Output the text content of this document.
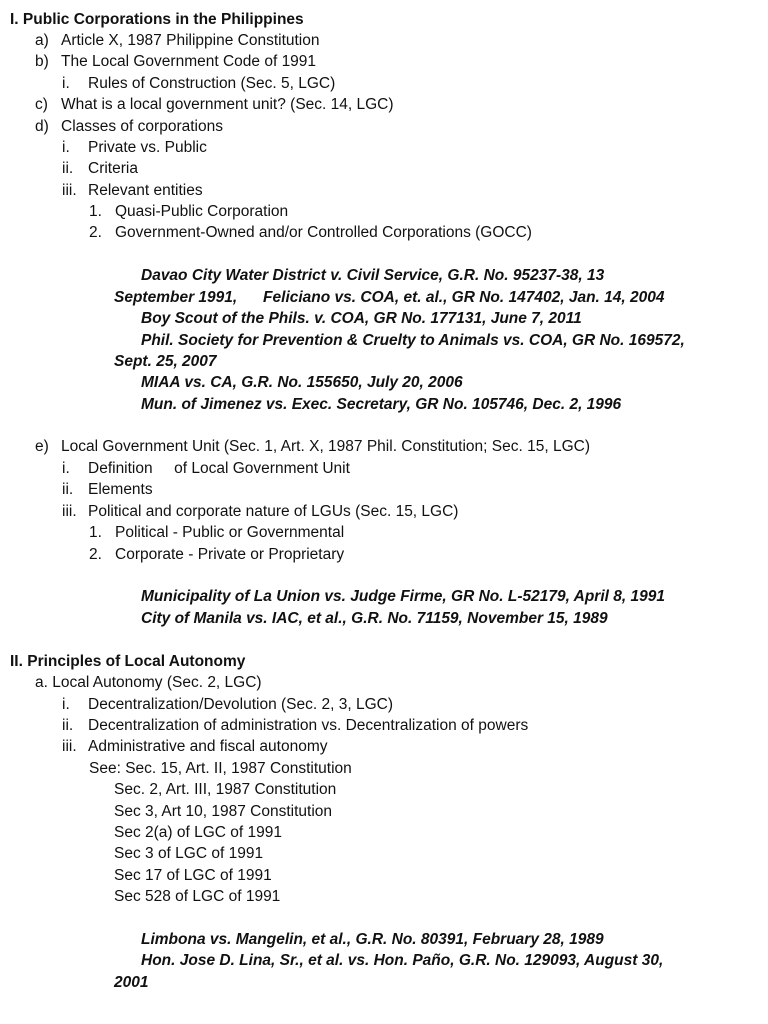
I. Public Corporations in the Philippines
a) Article X, 1987 Philippine Constitution
b) The Local Government Code of 1991
i. Rules of Construction (Sec. 5, LGC)
c) What is a local government unit? (Sec. 14, LGC)
d) Classes of corporations
i. Private vs. Public
ii. Criteria
iii. Relevant entities
1. Quasi-Public Corporation
2. Government-Owned and/or Controlled Corporations (GOCC)
Davao City Water District v. Civil Service, G.R. No. 95237-38, 13
September 1991,      Feliciano vs. COA, et. al., GR No. 147402, Jan. 14, 2004
Boy Scout of the Phils. v. COA, GR No. 177131, June 7, 2011
Phil. Society for Prevention & Cruelty to Animals vs. COA, GR No. 169572,
Sept. 25, 2007
MIAA vs. CA, G.R. No. 155650, July 20, 2006
Mun. of Jimenez vs. Exec. Secretary, GR No. 105746, Dec. 2, 1996
e) Local Government Unit (Sec. 1, Art. X, 1987 Phil. Constitution; Sec. 15, LGC)
i. Definition     of Local Government Unit
ii. Elements
iii. Political and corporate nature of LGUs (Sec. 15, LGC)
1. Political - Public or Governmental
2. Corporate - Private or Proprietary
Municipality of La Union vs. Judge Firme, GR No. L-52179, April 8, 1991
City of Manila vs. IAC, et al., G.R. No. 71159, November 15, 1989
II. Principles of Local Autonomy
a. Local Autonomy (Sec. 2, LGC)
i. Decentralization/Devolution (Sec. 2, 3, LGC)
ii. Decentralization of administration vs. Decentralization of powers
iii. Administrative and fiscal autonomy
See: Sec. 15, Art. II, 1987 Constitution
Sec. 2, Art. III, 1987 Constitution
Sec 3, Art 10, 1987 Constitution
Sec 2(a) of LGC of 1991
Sec 3 of LGC of 1991
Sec 17 of LGC of 1991
Sec 528 of LGC of 1991
Limbona vs. Mangelin, et al., G.R. No. 80391, February 28, 1989
Hon. Jose D. Lina, Sr., et al. vs. Hon. Paño, G.R. No. 129093, August 30,
2001
